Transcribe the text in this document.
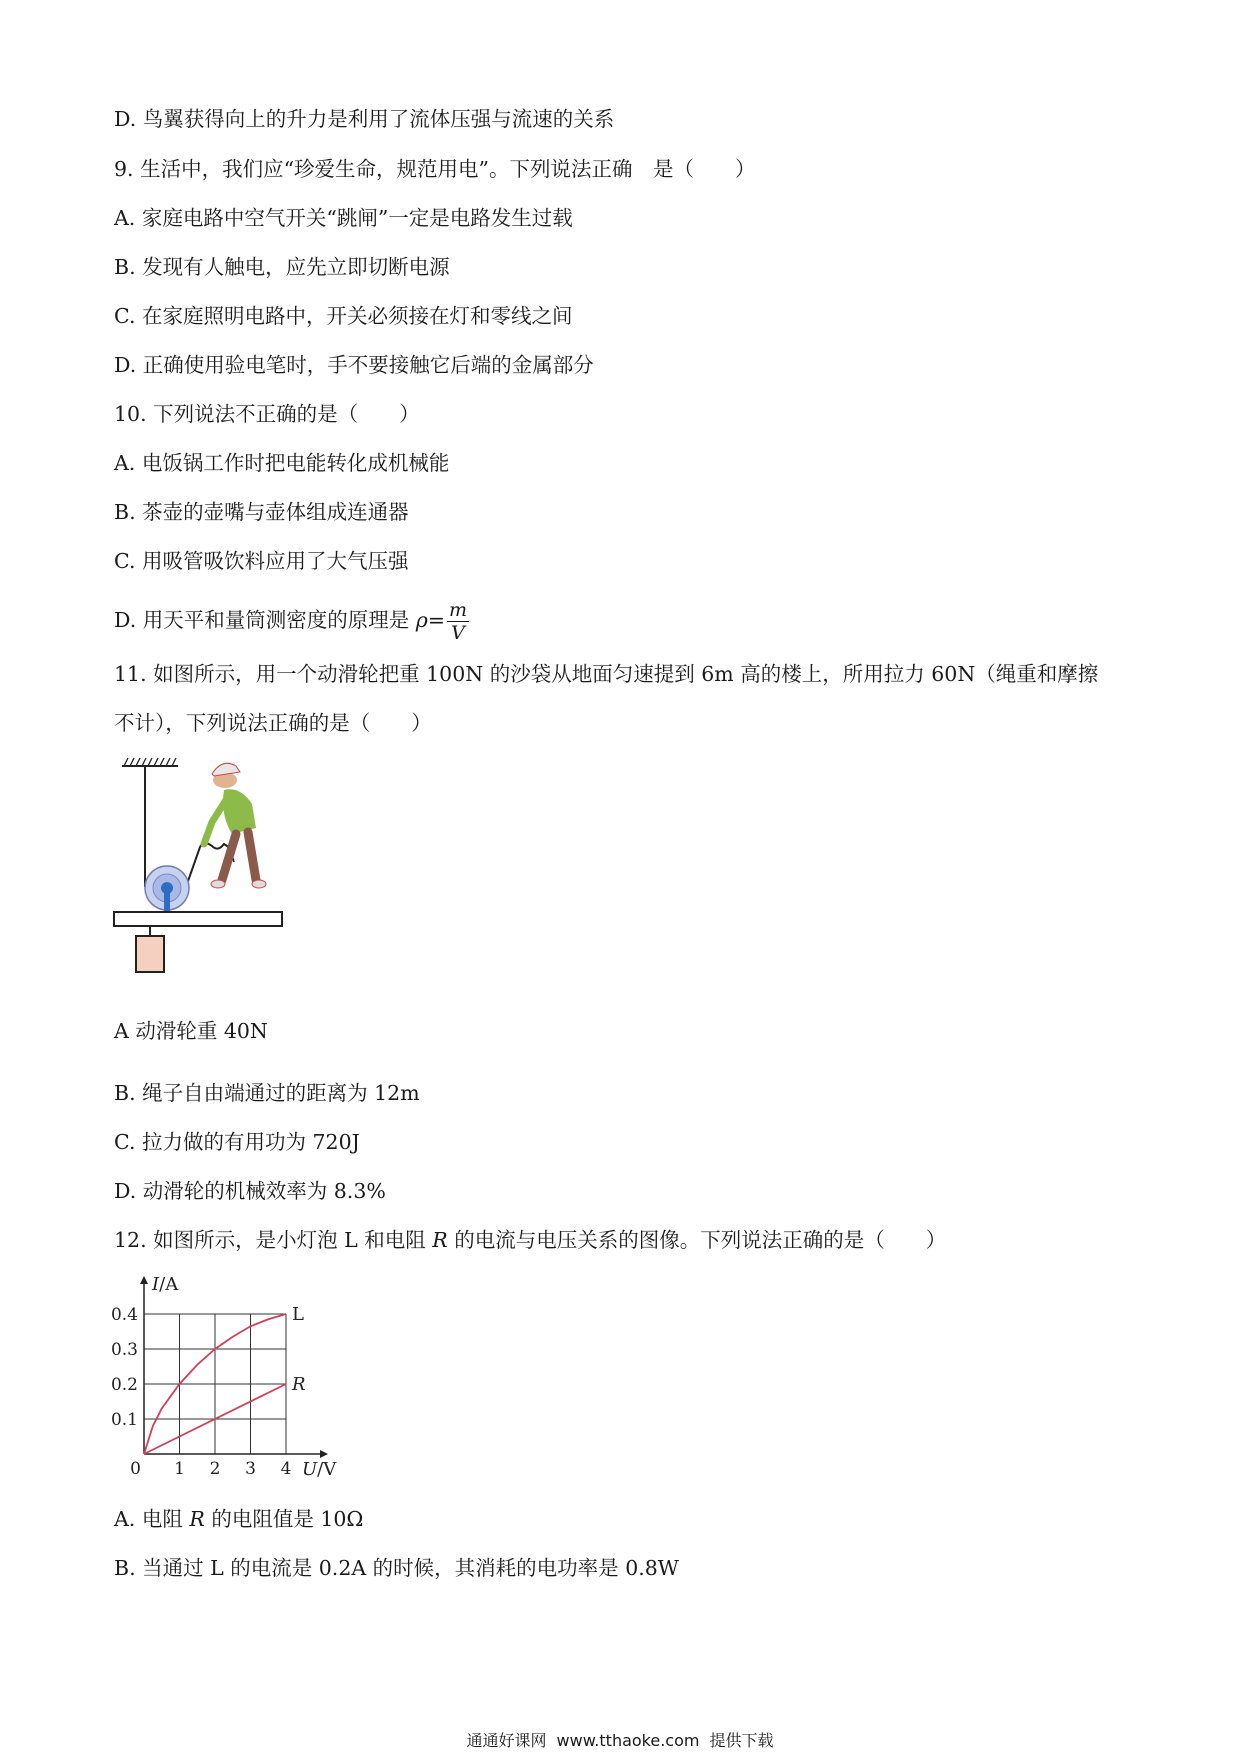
D. 鸟翼获得向上的升力是利用了流体压强与流速的关系
9. 生活中，我们应“珍爱生命，规范用电”。下列说法正确　是（　　）
A. 家庭电路中空气开关“跳闸”一定是电路发生过载
B. 发现有人触电，应先立即切断电源
C. 在家庭照明电路中，开关必须接在灯和零线之间
D. 正确使用验电笔时，手不要接触它后端的金属部分
10. 下列说法不正确的是（　　）
A. 电饭锅工作时把电能转化成机械能
B. 茶壶的壶嘴与壶体组成连通器
C. 用吸管吸饮料应用了大气压强
D. 用天平和量筒测密度的原理是 $\rho= \frac{m}{V}$
11. 如图所示，用一个动滑轮把重 100N 的沙袋从地面匀速提到 6m 高的楼上，所用拉力 60N（绳重和摩擦
不计），下列说法正确的是（　　）
A 动滑轮重 40N
B. 绳子自由端通过的距离为 12m
C. 拉力做的有用功为 720J
D. 动滑轮的机械效率为 8.3%
12. 如图所示，是小灯泡 L 和电阻 R 的电流与电压关系的图像。下列说法正确的是（　　）
1 2 3 4
0.1
0.2
0.3
0.4
0
I/A
U/V
L
R
A. 电阻 R 的电阻值是 10Ω
B. 当通过 L 的电流是 0.2A 的时候，其消耗的电功率是 0.8W
通通好课网 www.tthaoke.com 提供下载
